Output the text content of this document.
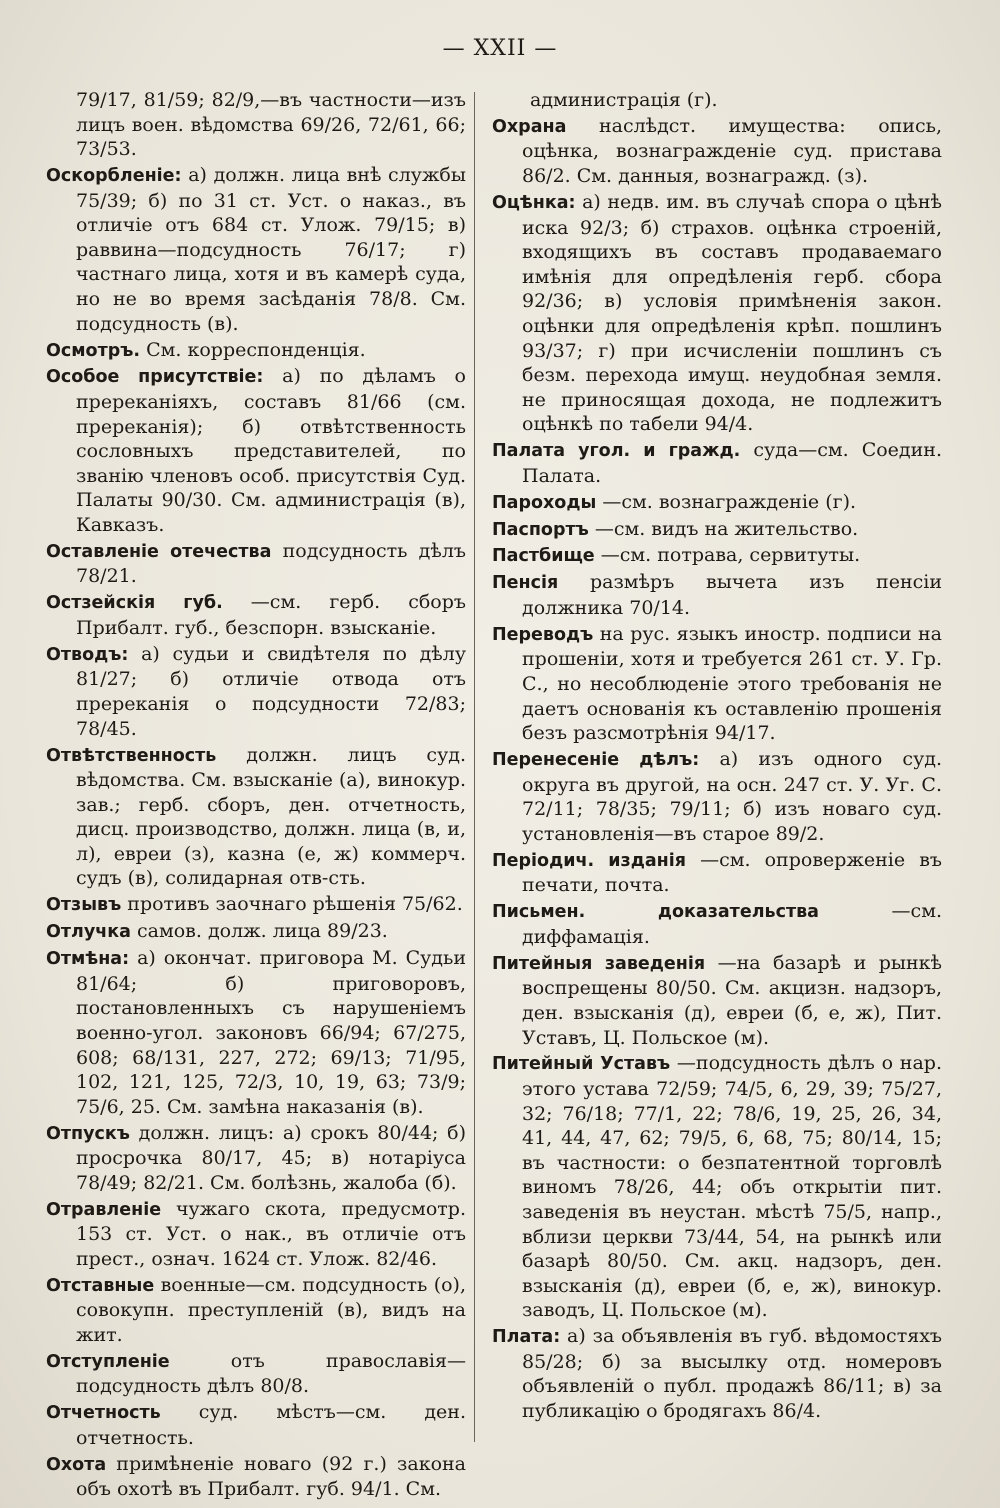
— XXII —

79/17, 81/59; 82/9,—въ частности—изъ лицъ воен. вѣдомства 69/26, 72/61, 66; 73/53.

Оскорбленіе: а) должн. лица внѣ службы 75/39; б) по 31 ст. Уст. о наказ., въ отличіе отъ 684 ст. Улож. 79/15; в) раввина—подсудность 76/17; г) частнаго лица, хотя и въ камерѣ суда, но не во время засѣданія 78/8. См. подсудность (в).

Осмотръ. См. корреспонденція.

Особое присутствіе: а) по дѣламъ о пререканіяхъ, составъ 81/66 (см. пререканія); б) отвѣтственность сословныхъ представителей, по званію членовъ особ. присутствія Суд. Палаты 90/30. См. администрація (в), Кавказъ.

Оставленіе отечества подсудность дѣлъ 78/21.

Остзейскія губ. —см. герб. сборъ Прибалт. губ., безспорн. взысканіе.

Отводъ: а) судьи и свидѣтеля по дѣлу 81/27; б) отличіе отвода отъ пререканія о подсудности 72/83; 78/45.

Отвѣтственность должн. лицъ суд. вѣдомства. См. взысканіе (а), винокур. зав.; герб. сборъ, ден. отчетность, дисц. производство, должн. лица (в, и, л), евреи (з), казна (е, ж) коммерч. судъ (в), солидарная отв-сть.

Отзывъ противъ заочнаго рѣшенія 75/62.

Отлучка самов. долж. лица 89/23.

Отмѣна: а) окончат. приговора М. Судьи 81/64; б) приговоровъ, постановленныхъ съ нарушеніемъ военно-угол. законовъ 66/94; 67/275, 608; 68/131, 227, 272; 69/13; 71/95, 102, 121, 125, 72/3, 10, 19, 63; 73/9; 75/6, 25. См. замѣна наказанія (в).

Отпускъ должн. лицъ: а) срокъ 80/44; б) просрочка 80/17, 45; в) нотаріуса 78/49; 82/21. См. болѣзнь, жалоба (б).

Отравленіе чужаго скота, предусмотр. 153 ст. Уст. о нак., въ отличіе отъ прест., означ. 1624 ст. Улож. 82/46.

Отставные военные—см. подсудность (о), совокупн. преступленій (в), видъ на жит.

Отступленіе	отъ православія—подсудность дѣлъ 80/8.

Отчетность суд. мѣстъ—см. ден. отчетность.

Охота примѣненіе новаго (92 г.) закона объ охотѣ въ Прибалт. губ. 94/1. См.

администрація (г).

Охрана наслѣдст. имущества: опись, оцѣнка, вознагражденіе суд. пристава 86/2. См. данныя, вознагражд. (з).

Оцѣнка: а) недв. им. въ случаѣ спора о цѣнѣ иска 92/3; б) страхов. оцѣнка строеній, входящихъ въ составъ продаваемаго имѣнія для опредѣленія герб. сбора 92/36; в) условія примѣненія закон. оцѣнки для опредѣленія крѣп. пошлинъ 93/37; г) при исчисленіи пошлинъ съ безм. перехода имущ. неудобная земля. не приносящая дохода, не подлежитъ оцѣнкѣ по табели 94/4.

Палата угол. и гражд. суда—см. Соедин. Палата.

Пароходы —см. вознагражденіе (г).

Паспортъ —см. видъ на жительство.

Пастбище —см. потрава, сервитуты.

Пенсія размѣръ вычета изъ пенсіи должника 70/14.

Переводъ на рус. языкъ иностр. подписи на прошеніи, хотя и требуется 261 ст. У. Гр. С., но несоблюденіе этого требованія не даетъ основанія къ оставленію прошенія безъ разсмотрѣнія 94/17.

Перенесеніе дѣлъ: а) изъ одного суд. округа въ другой, на осн. 247 ст. У. Уг. С. 72/11; 78/35; 79/11; б) изъ новаго суд. установленія—въ старое 89/2.

Періодич. изданія —см. опроверженіе въ печати, почта.

Письмен. доказательства	—см. диффамація.

Питейныя заведенія —на базарѣ и рынкѣ воспрещены 80/50. См. акцизн. надзоръ, ден. взысканія (д), евреи (б, е, ж), Пит. Уставъ, Ц. Польское (м).

Питейный Уставъ —подсудность дѣлъ о нар. этого устава 72/59; 74/5, 6, 29, 39; 75/27, 32; 76/18; 77/1, 22; 78/6, 19, 25, 26, 34, 41, 44, 47, 62; 79/5, 6, 68, 75; 80/14, 15; въ частности: о безпатентной торговлѣ виномъ 78/26, 44; объ открытіи пит. заведенія въ неустан. мѣстѣ 75/5, напр., вблизи церкви 73/44, 54, на рынкѣ или базарѣ 80/50. См. акц. надзоръ, ден. взысканія (д), евреи (б, е, ж), винокур. заводъ, Ц. Польское (м).

Плата: а) за объявленія въ губ. вѣдомостяхъ 85/28; б) за высылку отд. номеровъ объявленій о публ. продажѣ 86/11; в) за публикацію о бродягахъ 86/4.
